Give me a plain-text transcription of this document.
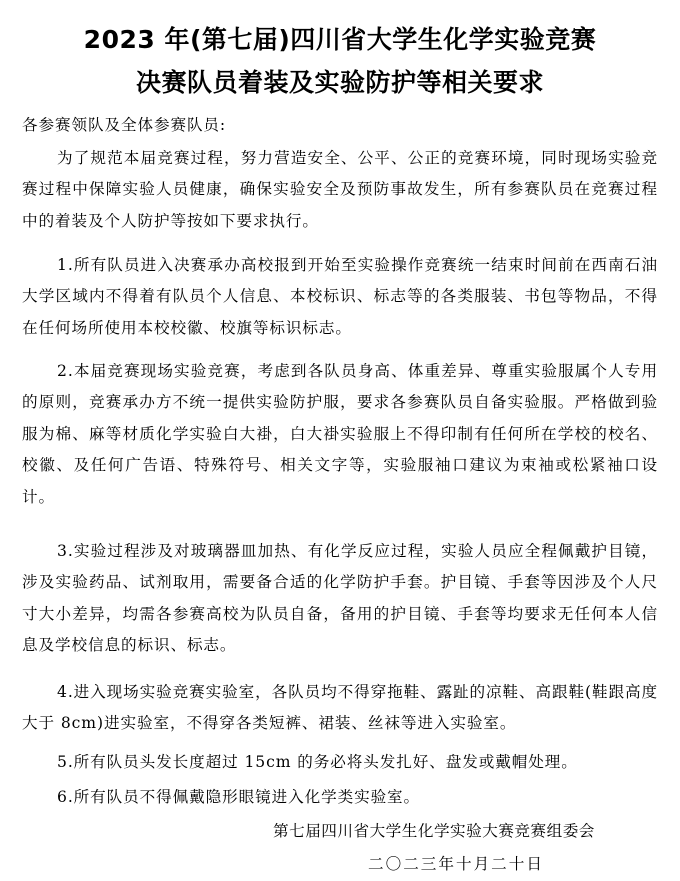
2023 年(第七届)四川省大学生化学实验竞赛
决赛队员着装及实验防护等相关要求
各参赛领队及全体参赛队员:
为了规范本届竞赛过程，努力营造安全、公平、公正的竞赛环境，同时现场实验竞赛过程中保障实验人员健康，确保实验安全及预防事故发生，所有参赛队员在竞赛过程中的着装及个人防护等按如下要求执行。
1.所有队员进入决赛承办高校报到开始至实验操作竞赛统一结束时间前在西南石油大学区域内不得着有队员个人信息、本校标识、标志等的各类服装、书包等物品，不得在任何场所使用本校校徽、校旗等标识标志。
2.本届竞赛现场实验竞赛，考虑到各队员身高、体重差异、尊重实验服属个人专用的原则，竞赛承办方不统一提供实验防护服，要求各参赛队员自备实验服。严格做到验服为棉、麻等材质化学实验白大褂，白大褂实验服上不得印制有任何所在学校的校名、校徽、及任何广告语、特殊符号、相关文字等，实验服袖口建议为束袖或松紧袖口设计。
3.实验过程涉及对玻璃器皿加热、有化学反应过程，实验人员应全程佩戴护目镜，涉及实验药品、试剂取用，需要备合适的化学防护手套。护目镜、手套等因涉及个人尺寸大小差异，均需各参赛高校为队员自备，备用的护目镜、手套等均要求无任何本人信息及学校信息的标识、标志。
4.进入现场实验竞赛实验室，各队员均不得穿拖鞋、露趾的凉鞋、高跟鞋(鞋跟高度大于 8cm)进实验室，不得穿各类短裤、裙装、丝袜等进入实验室。
5.所有队员头发长度超过 15cm 的务必将头发扎好、盘发或戴帽处理。
6.所有队员不得佩戴隐形眼镜进入化学类实验室。
第七届四川省大学生化学实验大赛竞赛组委会
二〇二三年十月二十日
